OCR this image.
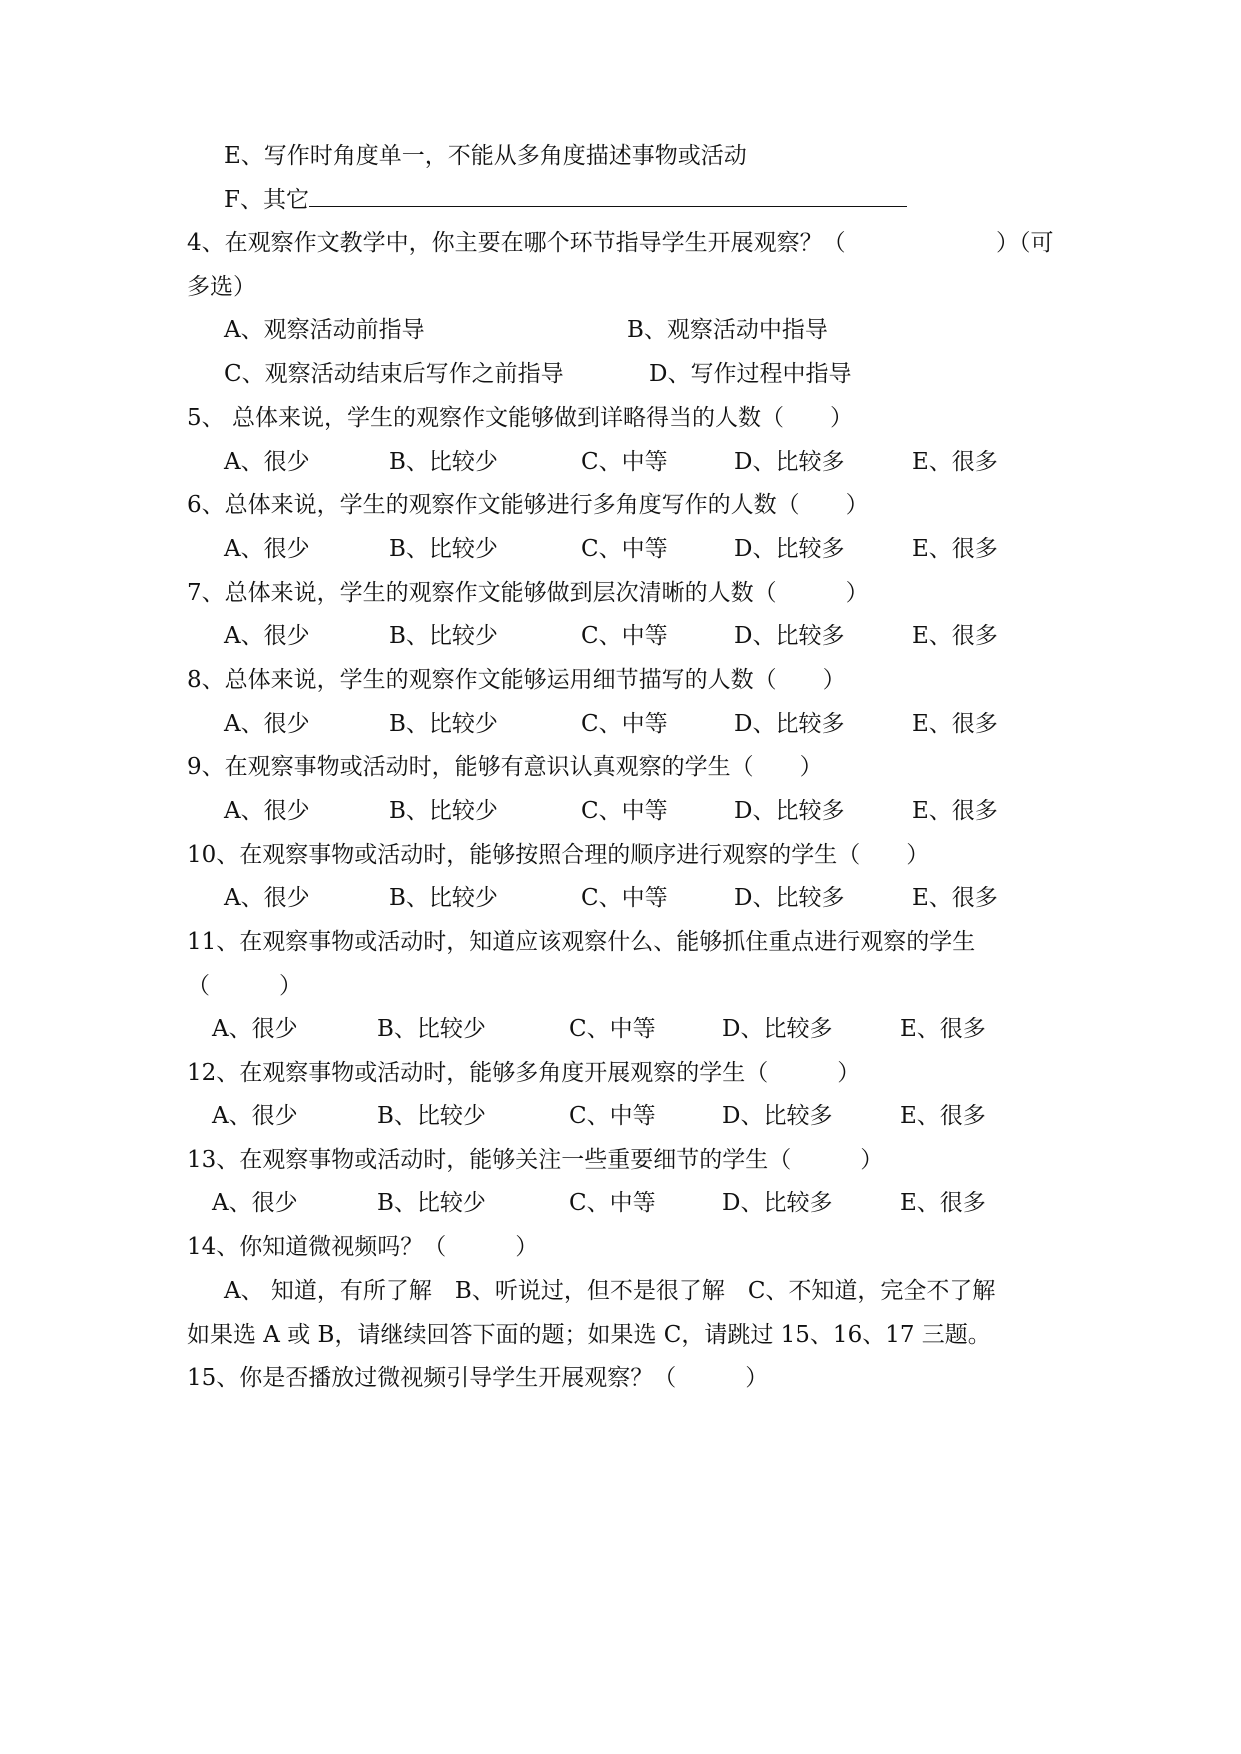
E、写作时角度单一，不能从多角度描述事物或活动
F、其它
4、在观察作文教学中，你主要在哪个环节指导学生开展观察？（	）（可
多选）
A、观察活动前指导	B、观察活动中指导
C、观察活动结束后写作之前指导	D、写作过程中指导
5、 总体来说，学生的观察作文能够做到详略得当的人数（　　）
A、很少	B、比较少	C、中等	D、比较多	E、很多
6、总体来说，学生的观察作文能够进行多角度写作的人数（　　）
A、很少	B、比较少	C、中等	D、比较多	E、很多
7、总体来说，学生的观察作文能够做到层次清晰的人数（　　　）
A、很少	B、比较少	C、中等	D、比较多	E、很多
8、总体来说，学生的观察作文能够运用细节描写的人数（　　）
A、很少	B、比较少	C、中等	D、比较多	E、很多
9、在观察事物或活动时，能够有意识认真观察的学生（　　）
A、很少	B、比较少	C、中等	D、比较多	E、很多
10、在观察事物或活动时，能够按照合理的顺序进行观察的学生（　　）
A、很少	B、比较少	C、中等	D、比较多	E、很多
11、在观察事物或活动时，知道应该观察什么、能够抓住重点进行观察的学生
（　　　）
A、很少	B、比较少	C、中等	D、比较多	E、很多
12、在观察事物或活动时，能够多角度开展观察的学生（　　　）
A、很少	B、比较少	C、中等	D、比较多	E、很多
13、在观察事物或活动时，能够关注一些重要细节的学生（　　　）
A、很少	B、比较少	C、中等	D、比较多	E、很多
14、你知道微视频吗？（　　　）
A、 知道，有所了解　B、听说过，但不是很了解　C、不知道，完全不了解
如果选 A 或 B，请继续回答下面的题；如果选 C，请跳过 15、16、17 三题。
15、你是否播放过微视频引导学生开展观察？（　　　）
